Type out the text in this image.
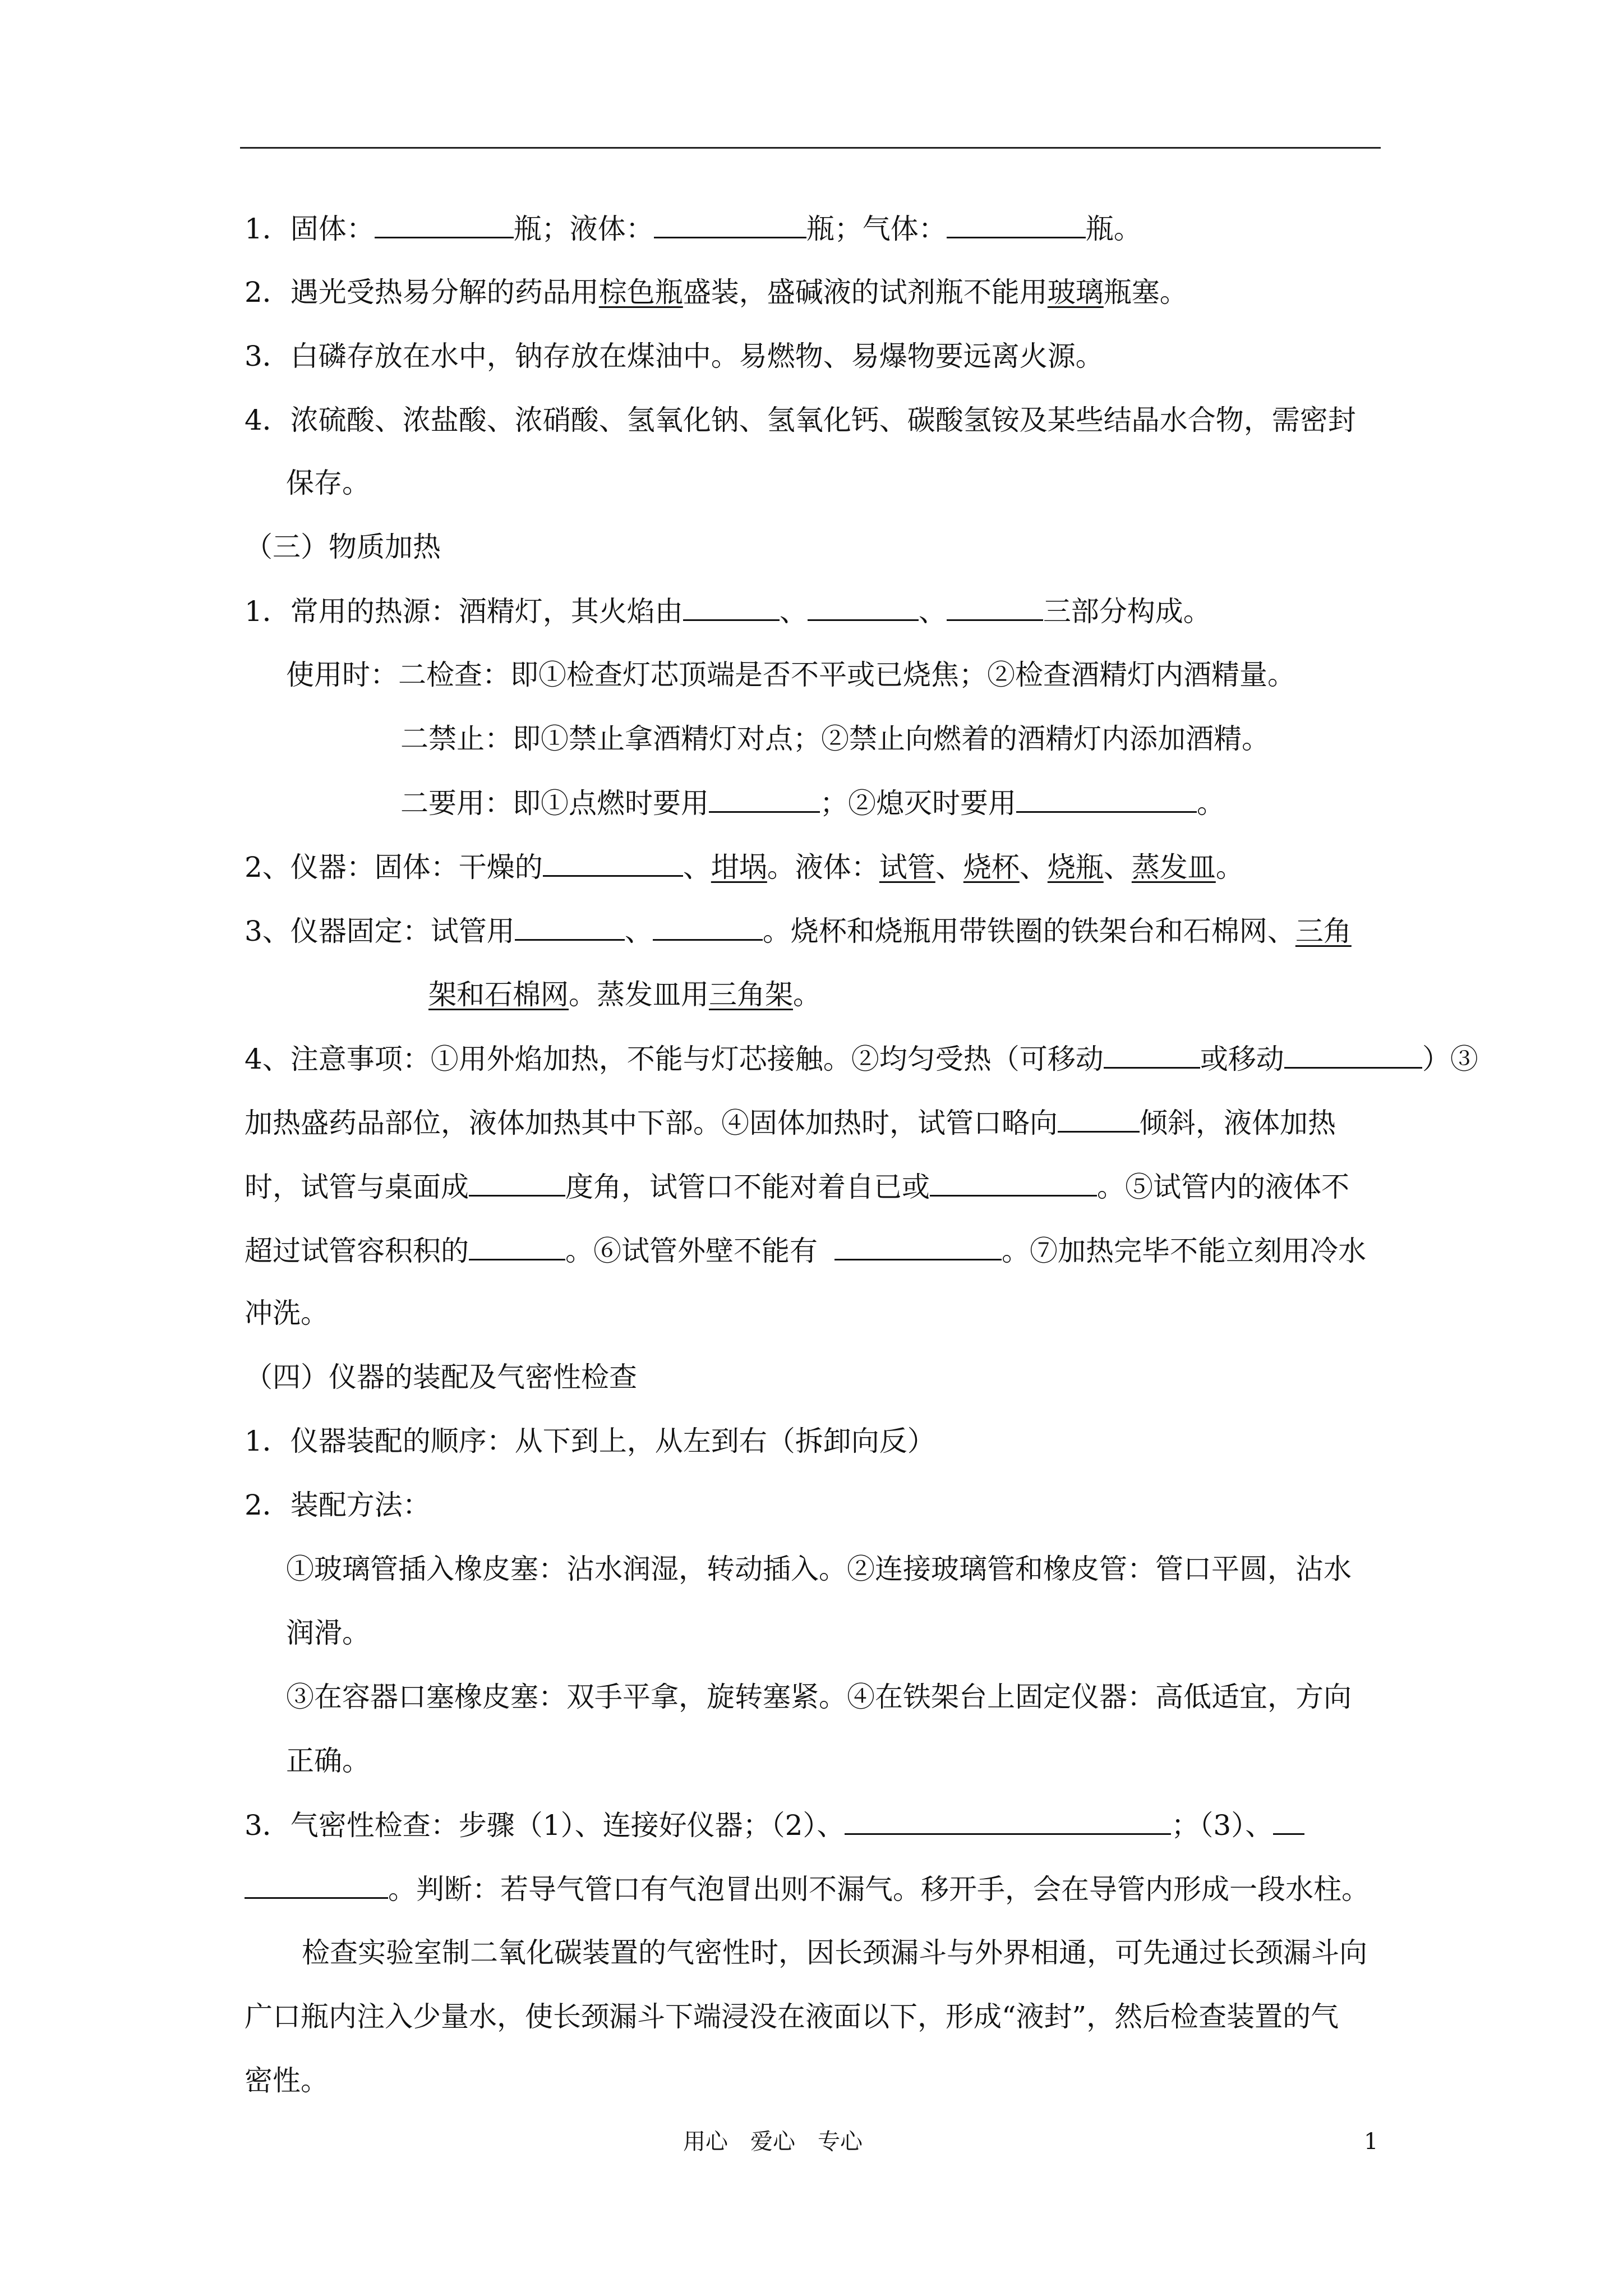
1．固体：	瓶；液体：	瓶；气体：	瓶。
2．遇光受热易分解的药品用棕色瓶盛装，盛碱液的试剂瓶不能用玻璃瓶塞。
3．白磷存放在水中，钠存放在煤油中。易燃物、易爆物要远离火源。
4．浓硫酸、浓盐酸、浓硝酸、氢氧化钠、氢氧化钙、碳酸氢铵及某些结晶水合物，需密封
保存。
（三）物质加热
1．常用的热源：酒精灯，其火焰由	、	、	三部分构成。
使用时：二检查：即①检查灯芯顶端是否不平或已烧焦；②检查酒精灯内酒精量。
二禁止：即①禁止拿酒精灯对点；②禁止向燃着的酒精灯内添加酒精。
二要用：即①点燃时要用	；②熄灭时要用	。
2、仪器：固体：干燥的	、坩埚。液体：试管、烧杯、烧瓶、蒸发皿。
3、仪器固定：试管用	、	。烧杯和烧瓶用带铁圈的铁架台和石棉网、三角
架和石棉网。蒸发皿用三角架。
4、注意事项：①用外焰加热，不能与灯芯接触。②均匀受热（可移动	或移动	）③
加热盛药品部位，液体加热其中下部。④固体加热时，试管口略向	倾斜，液体加热
时，试管与桌面成	度角，试管口不能对着自已或	。⑤试管内的液体不
超过试管容积积的	。⑥试管外壁不能有	。⑦加热完毕不能立刻用冷水
冲洗。
（四）仪器的装配及气密性检查
1．仪器装配的顺序：从下到上，从左到右（拆卸向反）
2．装配方法：
①玻璃管插入橡皮塞：沾水润湿，转动插入。②连接玻璃管和橡皮管：管口平圆，沾水
润滑。
③在容器口塞橡皮塞：双手平拿，旋转塞紧。④在铁架台上固定仪器：高低适宜，方向
正确。
3．气密性检查：步骤（1）、连接好仪器；（2）、	；（3）、
。判断：若导气管口有气泡冒出则不漏气。移开手，会在导管内形成一段水柱。
检查实验室制二氧化碳装置的气密性时，因长颈漏斗与外界相通，可先通过长颈漏斗向
广口瓶内注入少量水，使长颈漏斗下端浸没在液面以下，形成“液封”，然后检查装置的气
密性。
用心　爱心　专心	1
